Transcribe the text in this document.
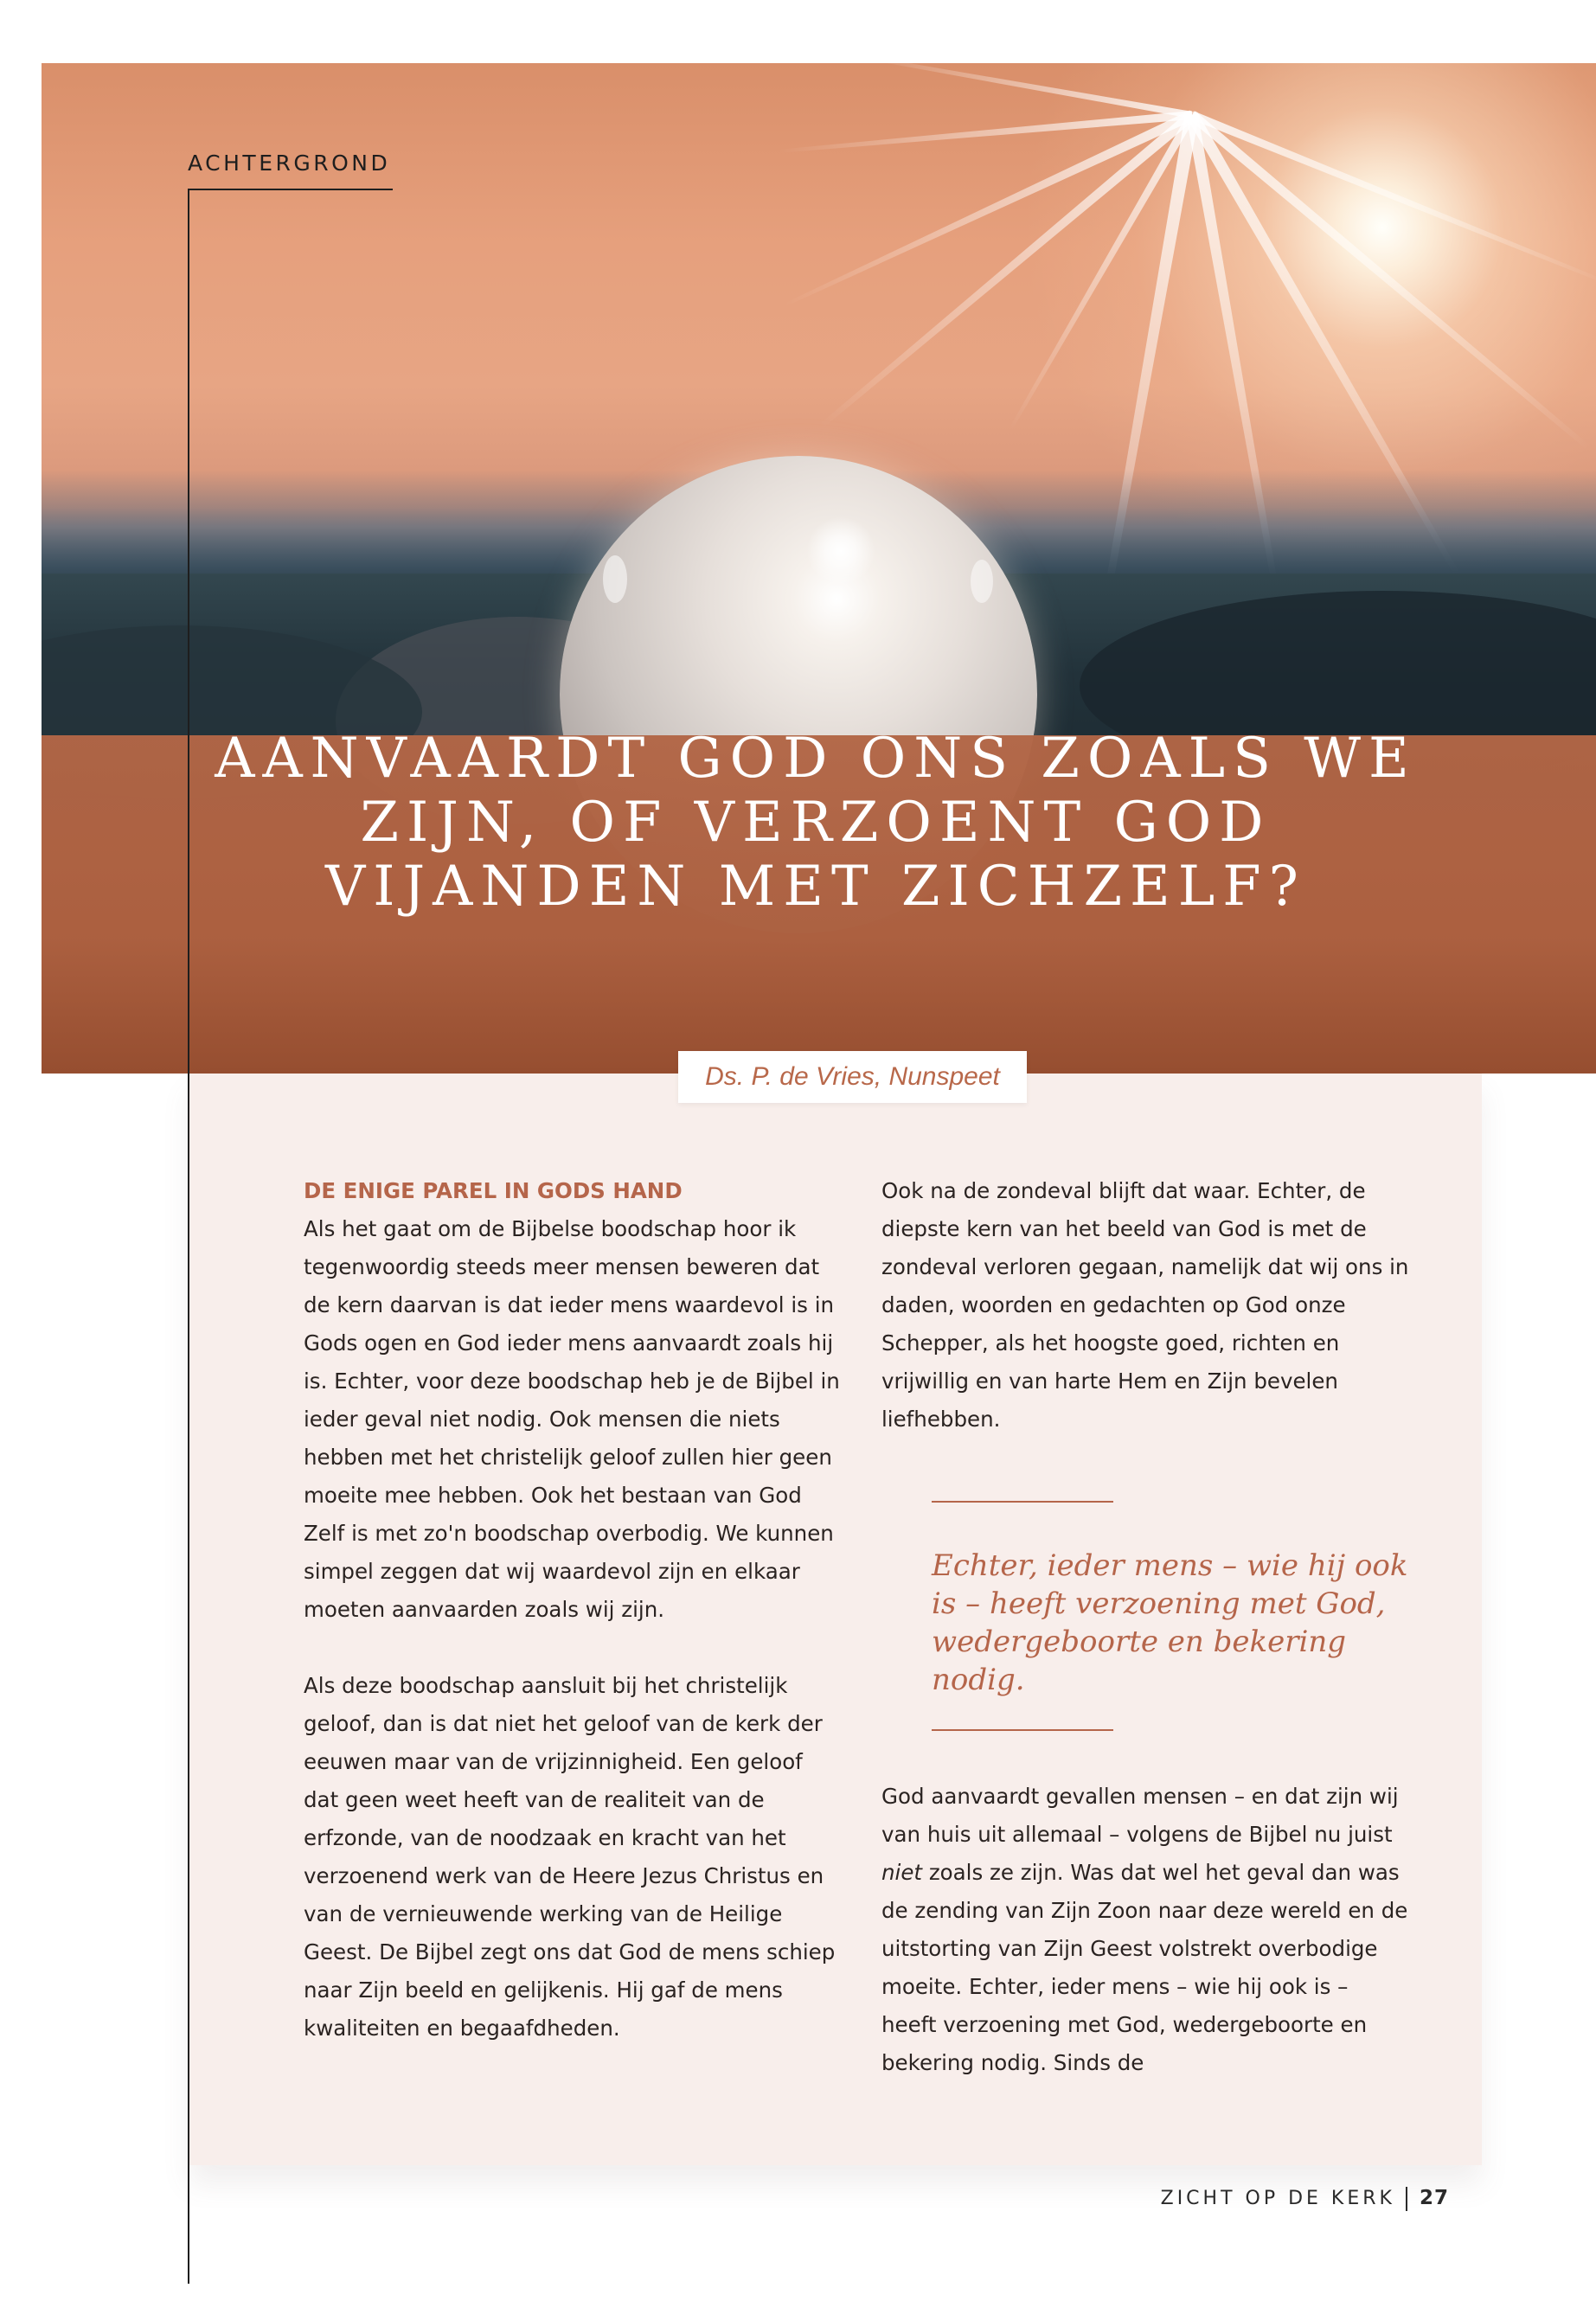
AANVAARDT GOD ONS ZOALS WE ZIJN, OF VERZOENT GOD VIJANDEN MET ZICHZELF?
ACHTERGROND
Ds. P. de Vries, Nunspeet

DE ENIGE PAREL IN GODS HAND

Als het gaat om de Bijbelse boodschap hoor ik tegenwoordig steeds meer mensen beweren dat de kern daarvan is dat ieder mens waardevol is in Gods ogen en God ieder mens aanvaardt zoals hij is. Echter, voor deze boodschap heb je de Bijbel in ieder geval niet nodig. Ook mensen die niets hebben met het christelijk geloof zullen hier geen moeite mee hebben. Ook het bestaan van God Zelf is met zo'n boodschap overbodig. We kunnen simpel zeggen dat wij waardevol zijn en elkaar moeten aanvaarden zoals wij zijn.

Als deze boodschap aansluit bij het christelijk geloof, dan is dat niet het geloof van de kerk der eeuwen maar van de vrijzinnigheid. Een geloof dat geen weet heeft van de realiteit van de erfzonde, van de noodzaak en kracht van het verzoenend werk van de Heere Jezus Christus en van de vernieuwende werking van de Heilige Geest. De Bijbel zegt ons dat God de mens schiep naar Zijn beeld en gelijkenis. Hij gaf de mens kwaliteiten en begaafdheden.

Ook na de zondeval blijft dat waar. Echter, de diepste kern van het beeld van God is met de zondeval verloren gegaan, namelijk dat wij ons in daden, woorden en gedachten op God onze Schepper, als het hoogste goed, richten en vrijwillig en van harte Hem en Zijn bevelen liefhebben.

Echter, ieder mens – wie hij ook is – heeft verzoening met God, wedergeboorte en bekering nodig.

God aanvaardt gevallen mensen – en dat zijn wij van huis uit allemaal – volgens de Bijbel nu juist niet zoals ze zijn. Was dat wel het geval dan was de zending van Zijn Zoon naar deze wereld en de uitstorting van Zijn Geest volstrekt overbodige moeite. Echter, ieder mens – wie hij ook is – heeft verzoening met God, wedergeboorte en bekering nodig. Sinds de

ZICHT OP DE KERK 27
